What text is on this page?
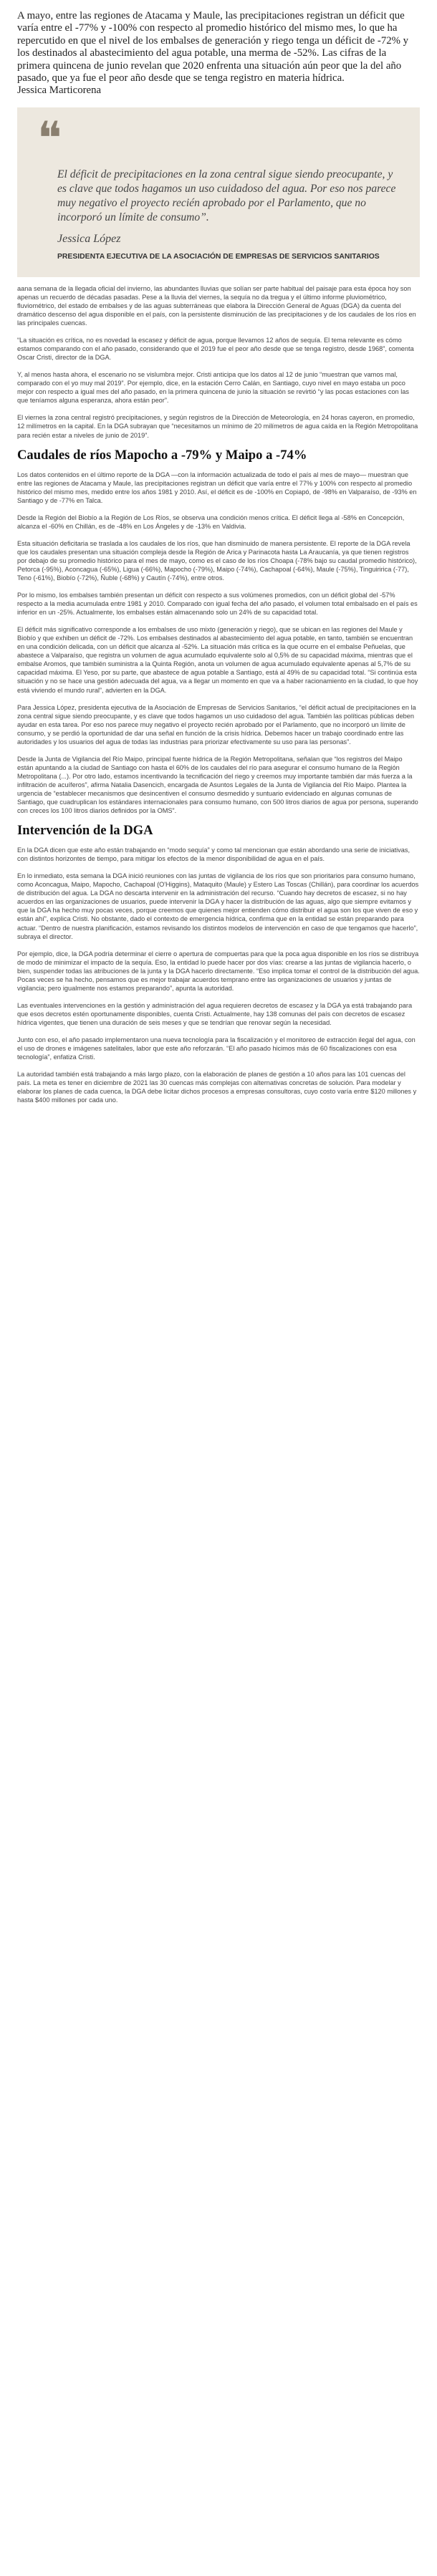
A mayo, entre las regiones de Atacama y Maule, las precipitaciones registran un déficit que varía entre el -77% y -100% con respecto al promedio histórico del mismo mes, lo que ha repercutido en que el nivel de los embalses de generación y riego tenga un déficit de -72% y los destinados al abastecimiento del agua potable, una merma de -52%. Las cifras de la primera quincena de junio revelan que 2020 enfrenta una situación aún peor que la del año pasado, que ya fue el peor año desde que se tenga registro en materia hídrica.

Jessica Marticorena

❝
El déficit de precipitaciones en la zona central sigue siendo preocupante, y es clave que todos hagamos un uso cuidadoso del agua. Por eso nos parece muy negativo el proyecto recién aprobado por el Parlamento, que no incorporó un límite de consumo”.
Jessica López
PRESIDENTA EJECUTIVA DE LA ASOCIACIÓN DE EMPRESAS DE SERVICIOS SANITARIOS

aana semana de la llegada oficial del invierno, las abundantes lluvias que solían ser parte habitual del paisaje para esta época hoy son apenas un recuerdo de décadas pasadas. Pese a la lluvia del viernes, la sequía no da tregua y el último informe pluviométrico, fluviométrico, del estado de embalses y de las aguas subterráneas que elabora la Dirección General de Aguas (DGA) da cuenta del dramático descenso del agua disponible en el país, con la persistente disminución de las precipitaciones y de los caudales de los ríos en las principales cuencas.

“La situación es crítica, no es novedad la escasez y déficit de agua, porque llevamos 12 años de sequía. El tema relevante es cómo estamos comparando con el año pasado, considerando que el 2019 fue el peor año desde que se tenga registro, desde 1968”, comenta Oscar Cristi, director de la DGA.

Y, al menos hasta ahora, el escenario no se vislumbra mejor. Cristi anticipa que los datos al 12 de junio “muestran que vamos mal, comparado con el yo muy mal 2019”. Por ejemplo, dice, en la estación Cerro Calán, en Santiago, cuyo nivel en mayo estaba un poco mejor con respecto a igual mes del año pasado, en la primera quincena de junio la situación se revirtió “y las pocas estaciones con las que teníamos alguna esperanza, ahora están peor”.

El viernes la zona central registró precipitaciones, y según registros de la Dirección de Meteorología, en 24 horas cayeron, en promedio, 12 milímetros en la capital. En la DGA subrayan que “necesitamos un mínimo de 20 milímetros de agua caída en la Región Metropolitana para recién estar a niveles de junio de 2019”.

Caudales de ríos Mapocho a -79% y Maipo a -74%

Los datos contenidos en el último reporte de la DGA —con la información actualizada de todo el país al mes de mayo— muestran que entre las regiones de Atacama y Maule, las precipitaciones registran un déficit que varía entre el 77% y 100% con respecto al promedio histórico del mismo mes, medido entre los años 1981 y 2010. Así, el déficit es de -100% en Copiapó, de -98% en Valparaíso, de -93% en Santiago y de -77% en Talca.

Desde la Región del Biobío a la Región de Los Ríos, se observa una condición menos crítica. El déficit llega al -58% en Concepción, alcanza el -60% en Chillán, es de -48% en Los Ángeles y de -13% en Valdivia.

Esta situación deficitaria se traslada a los caudales de los ríos, que han disminuido de manera persistente. El reporte de la DGA revela que los caudales presentan una situación compleja desde la Región de Arica y Parinacota hasta La Araucanía, ya que tienen registros por debajo de su promedio histórico para el mes de mayo, como es el caso de los ríos Choapa (-78% bajo su caudal promedio histórico), Petorca (-95%), Aconcagua (-65%), Ligua (-66%), Mapocho (-79%), Maipo (-74%), Cachapoal (-64%), Maule (-75%), Tinguiririca (-77), Teno (-61%), Biobío (-72%), Ñuble (-68%) y Cautín (-74%), entre otros.

Por lo mismo, los embalses también presentan un déficit con respecto a sus volúmenes promedios, con un déficit global del -57% respecto a la media acumulada entre 1981 y 2010. Comparado con igual fecha del año pasado, el volumen total embalsado en el país es inferior en un -25%. Actualmente, los embalses están almacenando solo un 24% de su capacidad total.

El déficit más significativo corresponde a los embalses de uso mixto (generación y riego), que se ubican en las regiones del Maule y Biobío y que exhiben un déficit de -72%. Los embalses destinados al abastecimiento del agua potable, en tanto, también se encuentran en una condición delicada, con un déficit que alcanza al -52%. La situación más crítica es la que ocurre en el embalse Peñuelas, que abastece a Valparaíso, que registra un volumen de agua acumulado equivalente solo al 0,5% de su capacidad máxima, mientras que el embalse Aromos, que también suministra a la Quinta Región, anota un volumen de agua acumulado equivalente apenas al 5,7% de su capacidad máxima. El Yeso, por su parte, que abastece de agua potable a Santiago, está al 49% de su capacidad total. “Si continúa esta situación y no se hace una gestión adecuada del agua, va a llegar un momento en que va a haber racionamiento en la ciudad, lo que hoy está viviendo el mundo rural”, advierten en la DGA.

Para Jessica López, presidenta ejecutiva de la Asociación de Empresas de Servicios Sanitarios, “el déficit actual de precipitaciones en la zona central sigue siendo preocupante, y es clave que todos hagamos un uso cuidadoso del agua. También las políticas públicas deben ayudar en esta tarea. Por eso nos parece muy negativo el proyecto recién aprobado por el Parlamento, que no incorporó un límite de consumo, y se perdió la oportunidad de dar una señal en función de la crisis hídrica. Debemos hacer un trabajo coordinado entre las autoridades y los usuarios del agua de todas las industrias para priorizar efectivamente su uso para las personas”.

Desde la Junta de Vigilancia del Río Maipo, principal fuente hídrica de la Región Metropolitana, señalan que “los registros del Maipo están apuntando a la ciudad de Santiago con hasta el 60% de los caudales del río para asegurar el consumo humano de la Región Metropolitana (...). Por otro lado, estamos incentivando la tecnificación del riego y creemos muy importante también dar más fuerza a la infiltración de acuíferos”, afirma Natalia Dasencich, encargada de Asuntos Legales de la Junta de Vigilancia del Río Maipo. Plantea la urgencia de “establecer mecanismos que desincentiven el consumo desmedido y suntuario evidenciado en algunas comunas de Santiago, que cuadruplican los estándares internacionales para consumo humano, con 500 litros diarios de agua por persona, superando con creces los 100 litros diarios definidos por la OMS”.

Intervención de la DGA

En la DGA dicen que este año están trabajando en “modo sequía” y como tal mencionan que están abordando una serie de iniciativas, con distintos horizontes de tiempo, para mitigar los efectos de la menor disponibilidad de agua en el país.

En lo inmediato, esta semana la DGA inició reuniones con las juntas de vigilancia de los ríos que son prioritarios para consumo humano, como Aconcagua, Maipo, Mapocho, Cachapoal (O'Higgins), Mataquito (Maule) y Estero Las Toscas (Chillán), para coordinar los acuerdos de distribución del agua. La DGA no descarta intervenir en la administración del recurso. “Cuando hay decretos de escasez, si no hay acuerdos en las organizaciones de usuarios, puede intervenir la DGA y hacer la distribución de las aguas, algo que siempre evitamos y que la DGA ha hecho muy pocas veces, porque creemos que quienes mejor entienden cómo distribuir el agua son los que viven de eso y están ahí”, explica Cristi. No obstante, dado el contexto de emergencia hídrica, confirma que en la entidad se están preparando para actuar. “Dentro de nuestra planificación, estamos revisando los distintos modelos de intervención en caso de que tengamos que hacerlo”, subraya el director.

Por ejemplo, dice, la DGA podría determinar el cierre o apertura de compuertas para que la poca agua disponible en los ríos se distribuya de modo de minimizar el impacto de la sequía. Eso, la entidad lo puede hacer por dos vías: crearse a las juntas de vigilancia hacerlo, o bien, suspender todas las atribuciones de la junta y la DGA hacerlo directamente. “Eso implica tomar el control de la distribución del agua. Pocas veces se ha hecho, pensamos que es mejor trabajar acuerdos temprano entre las organizaciones de usuarios y juntas de vigilancia; pero igualmente nos estamos preparando”, apunta la autoridad.

Las eventuales intervenciones en la gestión y administración del agua requieren decretos de escasez y la DGA ya está trabajando para que esos decretos estén oportunamente disponibles, cuenta Cristi. Actualmente, hay 138 comunas del país con decretos de escasez hídrica vigentes, que tienen una duración de seis meses y que se tendrían que renovar según la necesidad.

Junto con eso, el año pasado implementaron una nueva tecnología para la fiscalización y el monitoreo de extracción ilegal del agua, con el uso de drones e imágenes satelitales, labor que este año reforzarán. “El año pasado hicimos más de 60 fiscalizaciones con esa tecnología”, enfatiza Cristi.

La autoridad también está trabajando a más largo plazo, con la elaboración de planes de gestión a 10 años para las 101 cuencas del país. La meta es tener en diciembre de 2021 las 30 cuencas más complejas con alternativas concretas de solución. Para modelar y elaborar los planes de cada cuenca, la DGA debe licitar dichos procesos a empresas consultoras, cuyo costo varía entre $120 millones y hasta $400 millones por cada uno.
